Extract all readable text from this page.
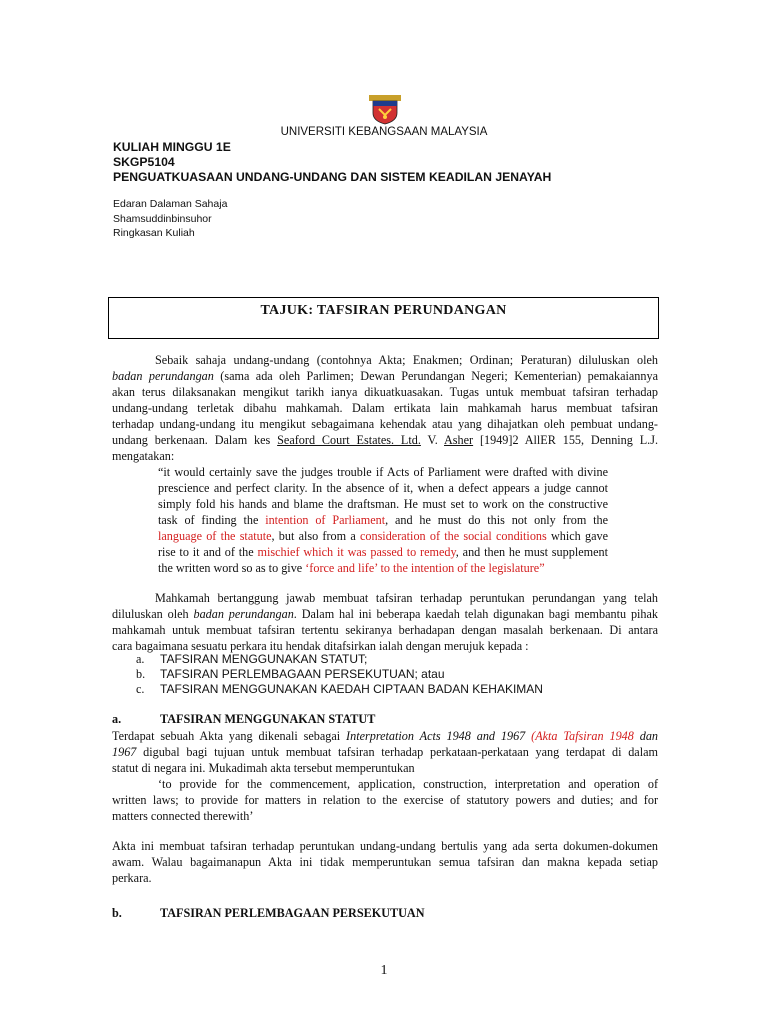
UNIVERSITI KEBANGSAAN MALAYSIA
KULIAH MINGGU 1E
SKGP5104
PENGUATKUASAAN UNDANG-UNDANG DAN SISTEM KEADILAN JENAYAH
Edaran Dalaman Sahaja
Shamsuddinbinsuhor
Ringkasan Kuliah
TAJUK: TAFSIRAN PERUNDANGAN
Sebaik sahaja undang-undang (contohnya Akta; Enakmen; Ordinan; Peraturan) diluluskan oleh
badan perundangan (sama ada oleh Parlimen; Dewan Perundangan Negeri; Kementerian) pemakaiannya
akan terus dilaksanakan mengikut tarikh ianya dikuatkuasakan. Tugas untuk membuat tafsiran terhadap
undang-undang terletak dibahu mahkamah. Dalam ertikata lain mahkamah harus membuat tafsiran
terhadap undang-undang itu mengikut sebagaimana kehendak atau yang dihajatkan oleh pembuat undang-
undang berkenaan. Dalam kes Seaford Court Estates. Ltd. V. Asher [1949]2 AllER 155, Denning L.J.
mengatakan:
“it would certainly save the judges trouble if Acts of Parliament were drafted with divine
prescience and perfect clarity. In the absence of it, when a defect appears a judge cannot
simply fold his hands and blame the draftsman. He must set to work on the constructive
task of finding the intention of Parliament, and he must do this not only from the
language of the statute, but also from a consideration of the social conditions which gave
rise to it and of the mischief which it was passed to remedy, and then he must supplement
the written word so as to give ‘force and life’ to the intention of the legislature”
Mahkamah bertanggung jawab membuat tafsiran terhadap peruntukan perundangan yang telah
diluluskan oleh badan perundangan. Dalam hal ini beberapa kaedah telah digunakan bagi membantu pihak
mahkamah untuk membuat tafsiran tertentu sekiranya berhadapan dengan masalah berkenaan. Di antara
cara bagaimana sesuatu perkara itu hendak ditafsirkan ialah dengan merujuk kepada :
a. TAFSIRAN MENGGUNAKAN STATUT;
b. TAFSIRAN PERLEMBAGAAN PERSEKUTUAN; atau
c. TAFSIRAN MENGGUNAKAN KAEDAH CIPTAAN BADAN KEHAKIMAN
a.	TAFSIRAN MENGGUNAKAN STATUT
Terdapat sebuah Akta yang dikenali sebagai Interpretation Acts 1948 and 1967 (Akta Tafsiran 1948 dan
1967 digubal bagi tujuan untuk membuat tafsiran terhadap perkataan-perkataan yang terdapat di dalam
statut di negara ini. Mukadimah akta tersebut memperuntukan
‘to provide for the commencement, application, construction, interpretation and operation of
written laws; to provide for matters in relation to the exercise of statutory powers and duties; and for
matters connected therewith’
Akta ini membuat tafsiran terhadap peruntukan undang-undang bertulis yang ada serta dokumen-dokumen
awam. Walau bagaimanapun Akta ini tidak memperuntukan semua tafsiran dan makna kepada setiap
perkara.
b.	TAFSIRAN PERLEMBAGAAN PERSEKUTUAN
1
